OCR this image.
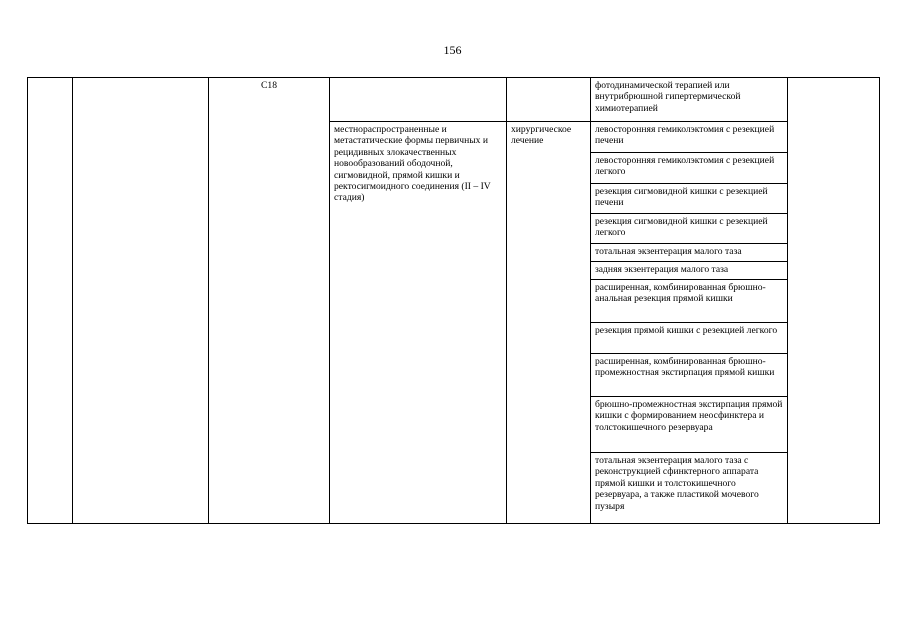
156
		C18			фотодинамической терапией или внутрибрюшной гипертермической химиотерапией	
			местнораспространенные и метастатические формы первичных и рецидивных злокачественных новообразований ободочной, сигмовидной, прямой кишки и ректосигмоидного соединения (II – IV стадия)	хирургическое лечение	левосторонняя гемиколэктомия с резекцией печени	
					левосторонняя гемиколэктомия с резекцией легкого	
					резекция сигмовидной кишки с резекцией печени	
					резекция сигмовидной кишки с резекцией легкого	
					тотальная экзентерация малого таза	
					задняя экзентерация малого таза	
					расширенная, комбинированная брюшно-анальная резекция прямой кишки	
					резекция прямой кишки с резекцией легкого	
					расширенная, комбинированная брюшно-промежностная экстирпация прямой кишки	
					брюшно-промежностная экстирпация прямой кишки с формированием неосфинктера и толстокишечного резервуара	
					тотальная экзентерация малого таза с реконструкцией сфинктерного аппарата прямой кишки и толстокишечного резервуара, а также пластикой мочевого пузыря	
